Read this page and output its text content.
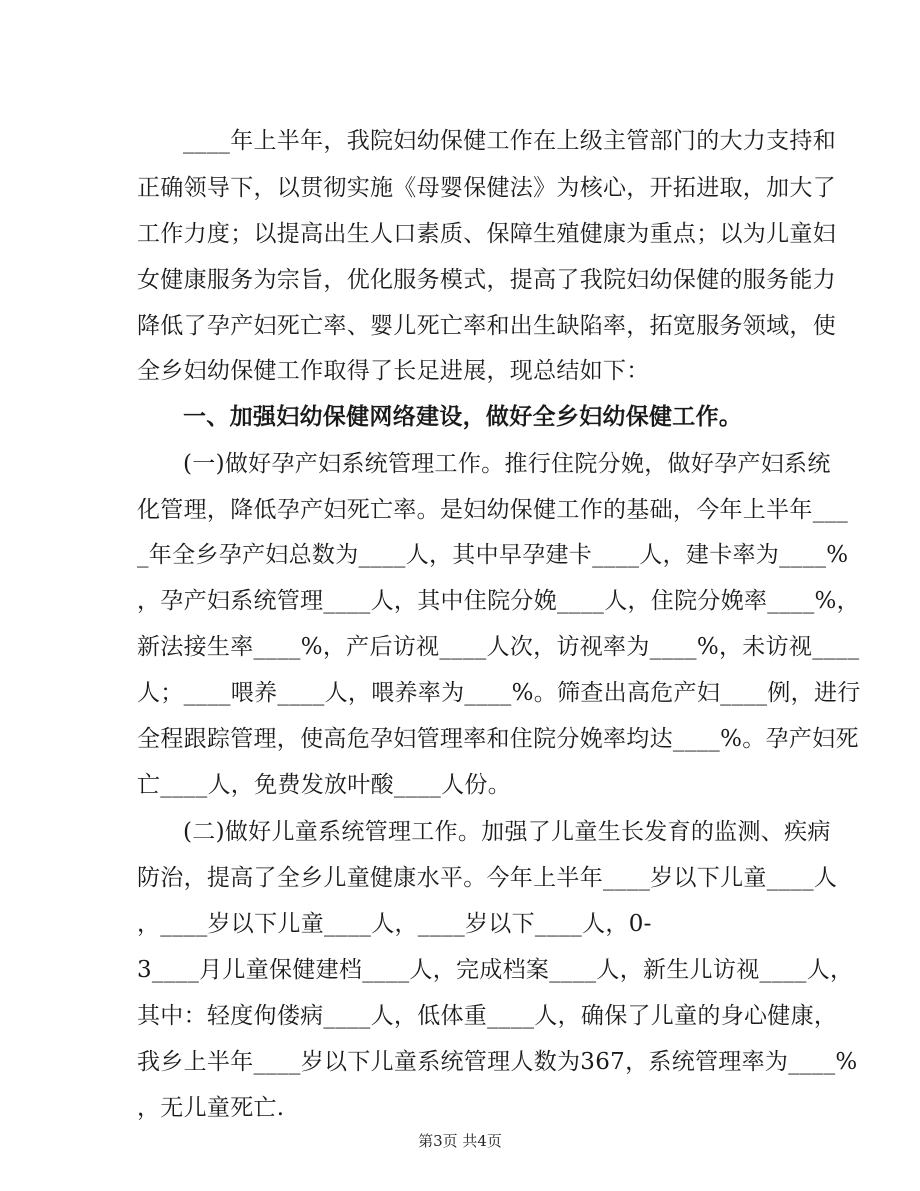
____年上半年，我院妇幼保健工作在上级主管部门的大力支持和
正确领导下，以贯彻实施《母婴保健法》为核心，开拓进取，加大了
工作力度；以提高出生人口素质、保障生殖健康为重点；以为儿童妇
女健康服务为宗旨，优化服务模式，提高了我院妇幼保健的服务能力
降低了孕产妇死亡率、婴儿死亡率和出生缺陷率，拓宽服务领域，使
全乡妇幼保健工作取得了长足进展，现总结如下：
一、加强妇幼保健网络建设，做好全乡妇幼保健工作。
(一)做好孕产妇系统管理工作。推行住院分娩，做好孕产妇系统
化管理，降低孕产妇死亡率。是妇幼保健工作的基础，今年上半年___
_年全乡孕产妇总数为____人，其中早孕建卡____人，建卡率为____%
，孕产妇系统管理____人，其中住院分娩____人，住院分娩率____%，
新法接生率____%，产后访视____人次，访视率为____%，未访视____
人；____喂养____人，喂养率为____%。筛查出高危产妇____例，进行
全程跟踪管理，使高危孕妇管理率和住院分娩率均达____%。孕产妇死
亡____人，免费发放叶酸____人份。
(二)做好儿童系统管理工作。加强了儿童生长发育的监测、疾病
防治，提高了全乡儿童健康水平。今年上半年____岁以下儿童____人
，____岁以下儿童____人，____岁以下____人，0-
3____月儿童保健建档____人，完成档案____人，新生儿访视____人，
其中：轻度佝偻病____人，低体重____人，确保了儿童的身心健康，
我乡上半年____岁以下儿童系统管理人数为367，系统管理率为____%
，无儿童死亡.
第3页 共4页
